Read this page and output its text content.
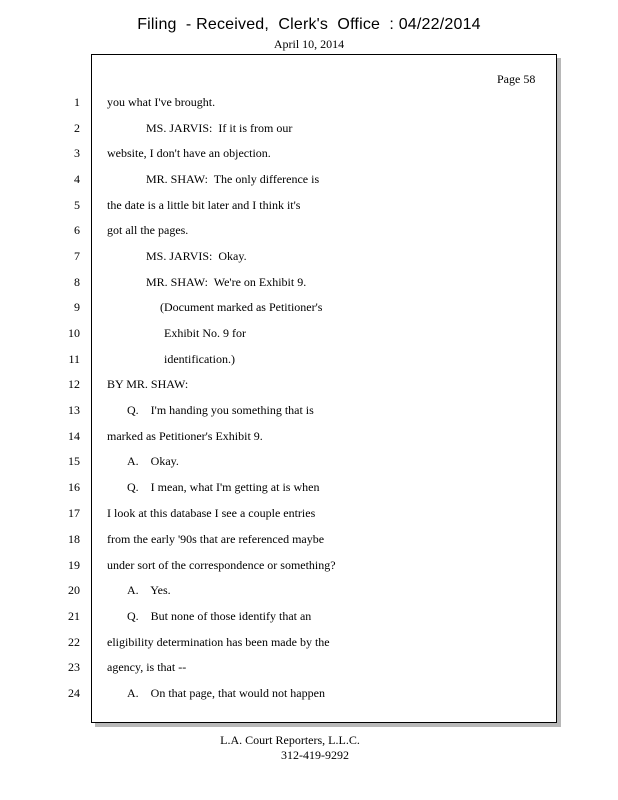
Filing  - Received,  Clerk's  Office  : 04/22/2014
April 10, 2014
Page 58
1 you what I've brought.
2	MS. JARVIS:  If it is from our
3 website, I don't have an objection.
4	MR. SHAW:  The only difference is
5 the date is a little bit later and I think it's
6 got all the pages.
7	MS. JARVIS:  Okay.
8	MR. SHAW:  We're on Exhibit 9.
9	(Document marked as Petitioner's
10	Exhibit No. 9 for
11	identification.)
12 BY MR. SHAW:
13	Q.    I'm handing you something that is
14 marked as Petitioner's Exhibit 9.
15	A.    Okay.
16	Q.    I mean, what I'm getting at is when
17 I look at this database I see a couple entries
18 from the early '90s that are referenced maybe
19 under sort of the correspondence or something?
20	A.    Yes.
21	Q.    But none of those identify that an
22 eligibility determination has been made by the
23 agency, is that --
24	A.    On that page, that would not happen
L.A. Court Reporters, L.L.C.
312-419-9292
